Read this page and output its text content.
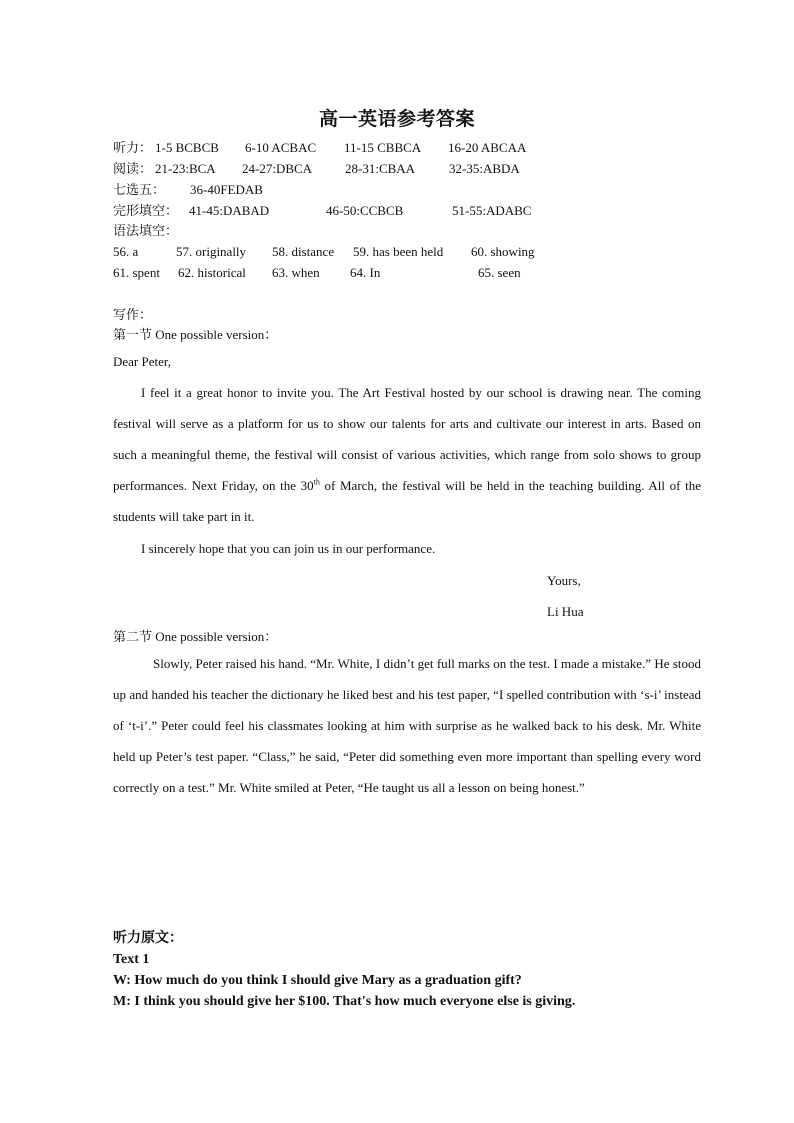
高一英语参考答案
听力： 1-5 BCBCB 6-10 ACBAC 11-15 CBBCA 16-20 ABCAA
阅读： 21-23:BCA 24-27:DBCA	28-31:CBAA	32-35:ABDA
七选五： 36-40FEDAB
完形填空： 41-45:DABAD	46-50:CCBCB	51-55:ADABC
语法填空：
56. a	57. originally 58. distance 59. has been held 60. showing
61. spent 62. historical 63. when 64. In	65. seen
写作：
第一节 One possible version：
Dear Peter,
I feel it a great honor to invite you. The Art Festival hosted by our school is drawing near. The coming festival will serve as a platform for us to show our talents for arts and cultivate our interest in arts. Based on such a meaningful theme, the festival will consist of various activities, which range from solo shows to group performances. Next Friday, on the 30th of March, the festival will be held in the teaching building. All of the students will take part in it.
I sincerely hope that you can join us in our performance.
Yours,
Li Hua
第二节 One possible version：
Slowly, Peter raised his hand. “Mr. White, I didn’t get full marks on the test. I made a mistake.” He stood up and handed his teacher the dictionary he liked best and his test paper, “I spelled contribution with ‘s-i’ instead of ‘t-i’.” Peter could feel his classmates looking at him with surprise as he walked back to his desk. Mr. White held up Peter’s test paper. “Class,” he said, “Peter did something even more important than spelling every word correctly on a test.” Mr. White smiled at Peter, “He taught us all a lesson on being honest.”
听力原文：
Text 1
W: How much do you think I should give Mary as a graduation gift?
M: I think you should give her $100. That's how much everyone else is giving.
